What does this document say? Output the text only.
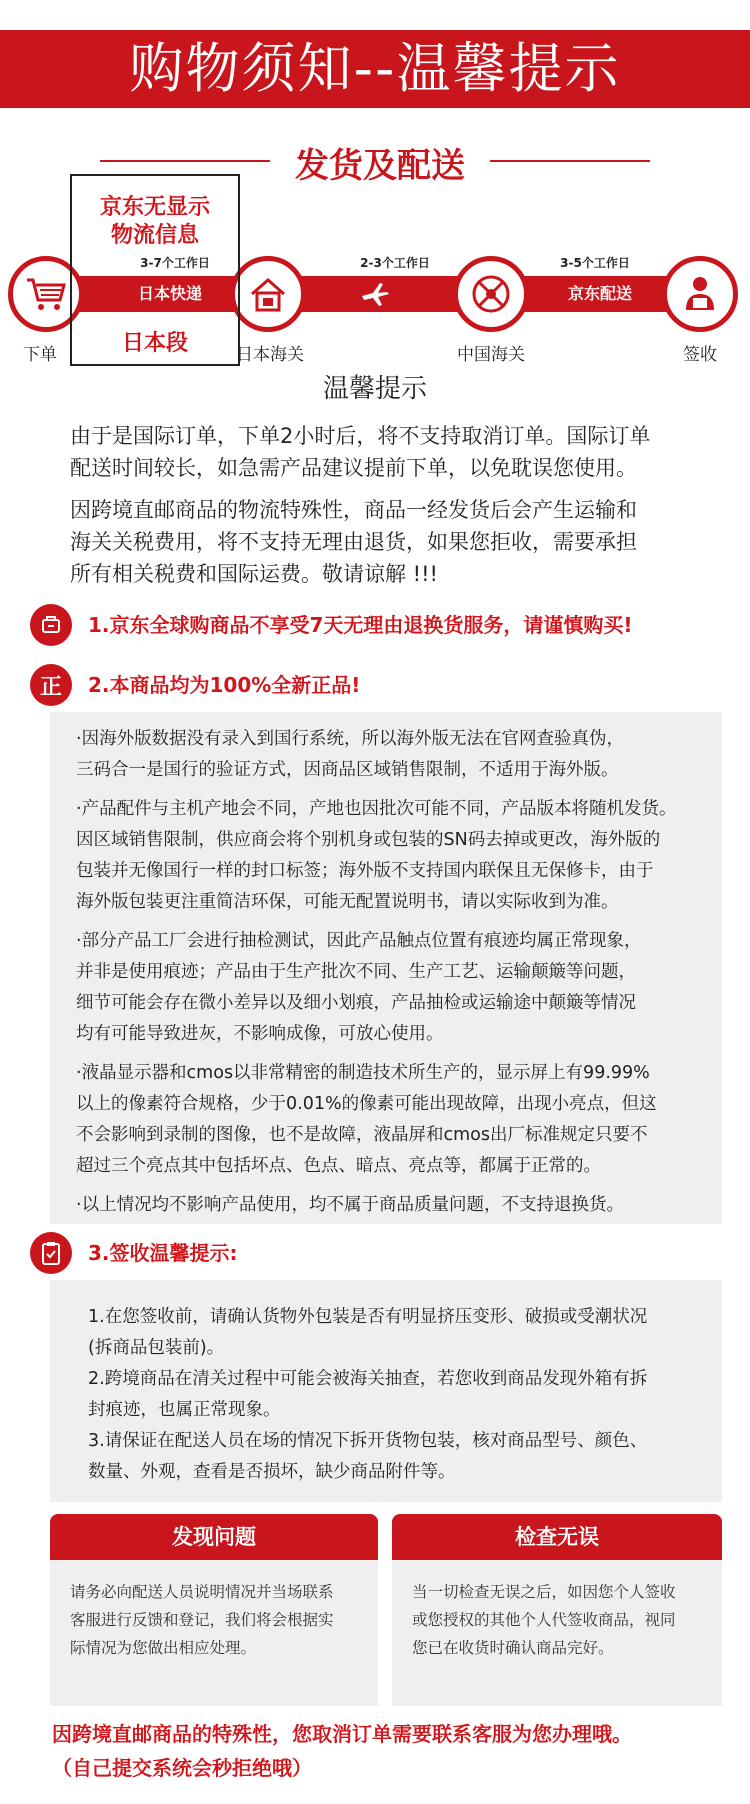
购物须知--温馨提示
发货及配送
3-7个工作日	2-3个工作日	3-5个工作日
日本快递	京东配送
下单	日本海关	中国海关	签收
京东无显示
物流信息
日本段
温馨提示
由于是国际订单，下单2小时后，将不支持取消订单。国际订单
配送时间较长，如急需产品建议提前下单，以免耽误您使用。
因跨境直邮商品的物流特殊性，商品一经发货后会产生运输和
海关关税费用，将不支持无理由退货，如果您拒收，需要承担
所有相关税费和国际运费。敬请谅解 !!!
1.京东全球购商品不享受7天无理由退换货服务，请谨慎购买!
正	2.本商品均为100%全新正品!
·因海外版数据没有录入到国行系统，所以海外版无法在官网查验真伪，
三码合一是国行的验证方式，因商品区域销售限制，不适用于海外版。
·产品配件与主机产地会不同，产地也因批次可能不同，产品版本将随机发货。
因区域销售限制，供应商会将个别机身或包装的SN码去掉或更改，海外版的
包装并无像国行一样的封口标签；海外版不支持国内联保且无保修卡，由于
海外版包装更注重简洁环保，可能无配置说明书，请以实际收到为准。
·部分产品工厂会进行抽检测试，因此产品触点位置有痕迹均属正常现象，
并非是使用痕迹；产品由于生产批次不同、生产工艺、运输颠簸等问题，
细节可能会存在微小差异以及细小划痕，产品抽检或运输途中颠簸等情况
均有可能导致进灰，不影响成像，可放心使用。
·液晶显示器和cmos以非常精密的制造技术所生产的，显示屏上有99.99%
以上的像素符合规格，少于0.01%的像素可能出现故障，出现小亮点，但这
不会影响到录制的图像，也不是故障，液晶屏和cmos出厂标准规定只要不
超过三个亮点其中包括坏点、色点、暗点、亮点等，都属于正常的。
·以上情况均不影响产品使用，均不属于商品质量问题，不支持退换货。
3.签收温馨提示:
1.在您签收前，请确认货物外包装是否有明显挤压变形、破损或受潮状况
(拆商品包装前)。
2.跨境商品在清关过程中可能会被海关抽查，若您收到商品发现外箱有拆
封痕迹，也属正常现象。
3.请保证在配送人员在场的情况下拆开货物包装，核对商品型号、颜色、
数量、外观，查看是否损坏，缺少商品附件等。
发现问题
请务必向配送人员说明情况并当场联系
客服进行反馈和登记，我们将会根据实
际情况为您做出相应处理。
检查无误
当一切检查无误之后，如因您个人签收
或您授权的其他个人代签收商品，视同
您已在收货时确认商品完好。
因跨境直邮商品的特殊性，您取消订单需要联系客服为您办理哦。
（自己提交系统会秒拒绝哦）
